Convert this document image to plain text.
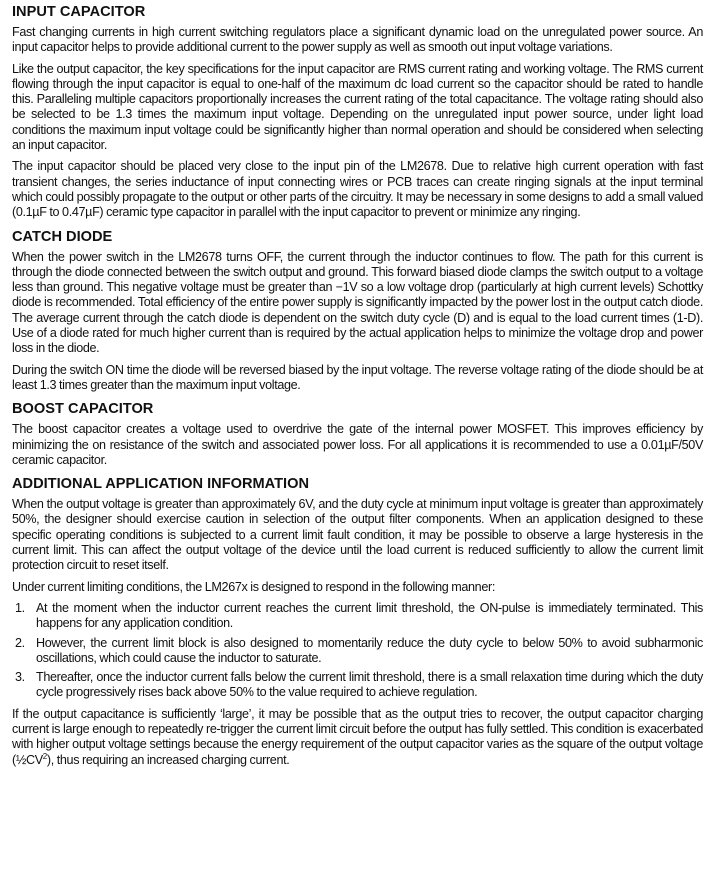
INPUT CAPACITOR

Fast changing currents in high current switching regulators place a significant dynamic load on the unregulated power source. An input capacitor helps to provide additional current to the power supply as well as smooth out input voltage variations.

Like the output capacitor, the key specifications for the input capacitor are RMS current rating and working voltage. The RMS current flowing through the input capacitor is equal to one-half of the maximum dc load current so the capacitor should be rated to handle this. Paralleling multiple capacitors proportionally increases the current rating of the total capacitance. The voltage rating should also be selected to be 1.3 times the maximum input voltage. Depending on the unregulated input power source, under light load conditions the maximum input voltage could be significantly higher than normal operation and should be considered when selecting an input capacitor.

The input capacitor should be placed very close to the input pin of the LM2678. Due to relative high current operation with fast transient changes, the series inductance of input connecting wires or PCB traces can create ringing signals at the input terminal which could possibly propagate to the output or other parts of the circuitry. It may be necessary in some designs to add a small valued (0.1µF to 0.47µF) ceramic type capacitor in parallel with the input capacitor to prevent or minimize any ringing.

CATCH DIODE

When the power switch in the LM2678 turns OFF, the current through the inductor continues to flow. The path for this current is through the diode connected between the switch output and ground. This forward biased diode clamps the switch output to a voltage less than ground. This negative voltage must be greater than −1V so a low voltage drop (particularly at high current levels) Schottky diode is recommended. Total efficiency of the entire power supply is significantly impacted by the power lost in the output catch diode. The average current through the catch diode is dependent on the switch duty cycle (D) and is equal to the load current times (1-D). Use of a diode rated for much higher current than is required by the actual application helps to minimize the voltage drop and power loss in the diode.

During the switch ON time the diode will be reversed biased by the input voltage. The reverse voltage rating of the diode should be at least 1.3 times greater than the maximum input voltage.

BOOST CAPACITOR

The boost capacitor creates a voltage used to overdrive the gate of the internal power MOSFET. This improves efficiency by minimizing the on resistance of the switch and associated power loss. For all applications it is recommended to use a 0.01µF/50V ceramic capacitor.

ADDITIONAL APPLICATION INFORMATION

When the output voltage is greater than approximately 6V, and the duty cycle at minimum input voltage is greater than approximately 50%, the designer should exercise caution in selection of the output filter components. When an application designed to these specific operating conditions is subjected to a current limit fault condition, it may be possible to observe a large hysteresis in the current limit. This can affect the output voltage of the device until the load current is reduced sufficiently to allow the current limit protection circuit to reset itself.

Under current limiting conditions, the LM267x is designed to respond in the following manner:

1. At the moment when the inductor current reaches the current limit threshold, the ON-pulse is immediately terminated. This happens for any application condition.
2. However, the current limit block is also designed to momentarily reduce the duty cycle to below 50% to avoid subharmonic oscillations, which could cause the inductor to saturate.
3. Thereafter, once the inductor current falls below the current limit threshold, there is a small relaxation time during which the duty cycle progressively rises back above 50% to the value required to achieve regulation.

If the output capacitance is sufficiently ‘large’, it may be possible that as the output tries to recover, the output capacitor charging current is large enough to repeatedly re-trigger the current limit circuit before the output has fully settled. This condition is exacerbated with higher output voltage settings because the energy requirement of the output capacitor varies as the square of the output voltage $(\frac{1}{2}CV^2)$, thus requiring an increased charging current.
